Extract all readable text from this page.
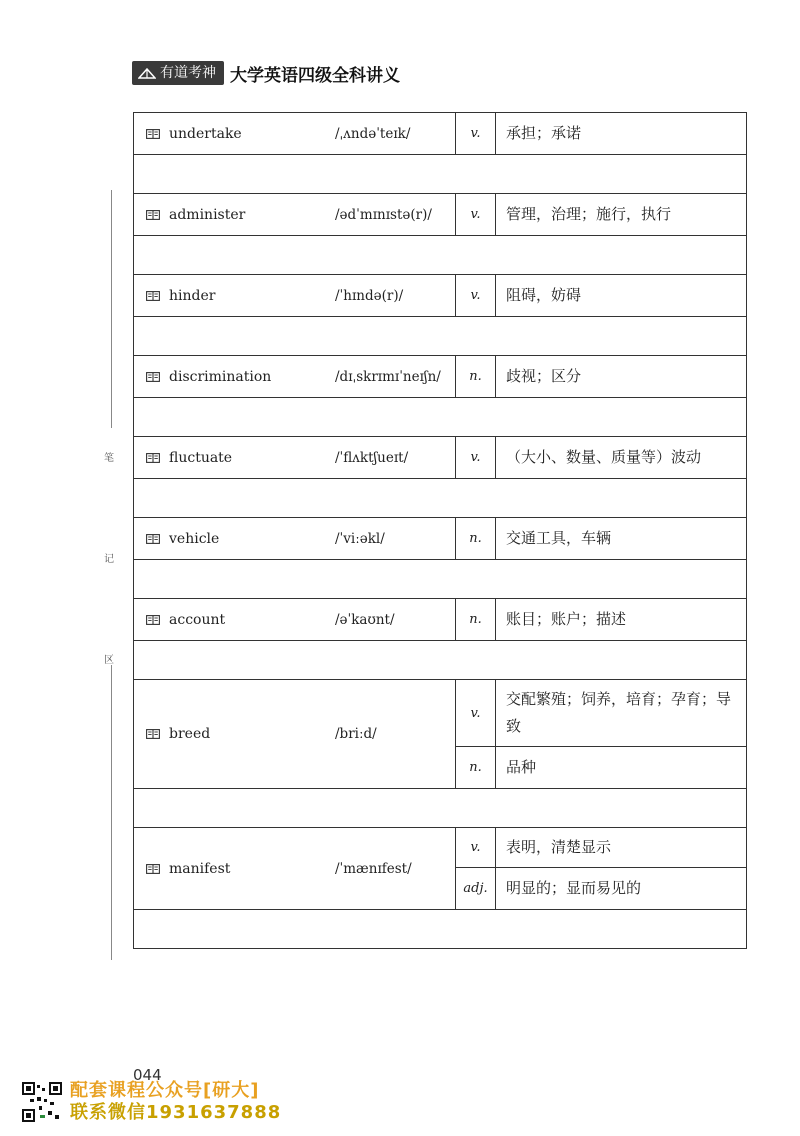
有道考神 大学英语四级全科讲义
笔
记
区
undertake /ˌʌndəˈteɪk/	v.	承担；承诺

administer /ədˈmɪnɪstə(r)/	v.	管理，治理；施行，执行

hinder /ˈhɪndə(r)/	v.	阻碍，妨碍

discrimination /dɪˌskrɪmɪˈneɪʃn/	n.	歧视；区分

fluctuate /ˈflʌktʃueɪt/	v.	（大小、数量、质量等）波动

vehicle /ˈviːəkl/	n.	交通工具，车辆

account /əˈkaʊnt/	n.	账目；账户；描述

breed /briːd/	v.	交配繁殖；饲养，培育；孕育；导致

	n.	品种

manifest /ˈmænɪfest/	v.	表明，清楚显示

	adj.	明显的；显而易见的

044
配套课程公众号[研大]
联系微信1931637888
